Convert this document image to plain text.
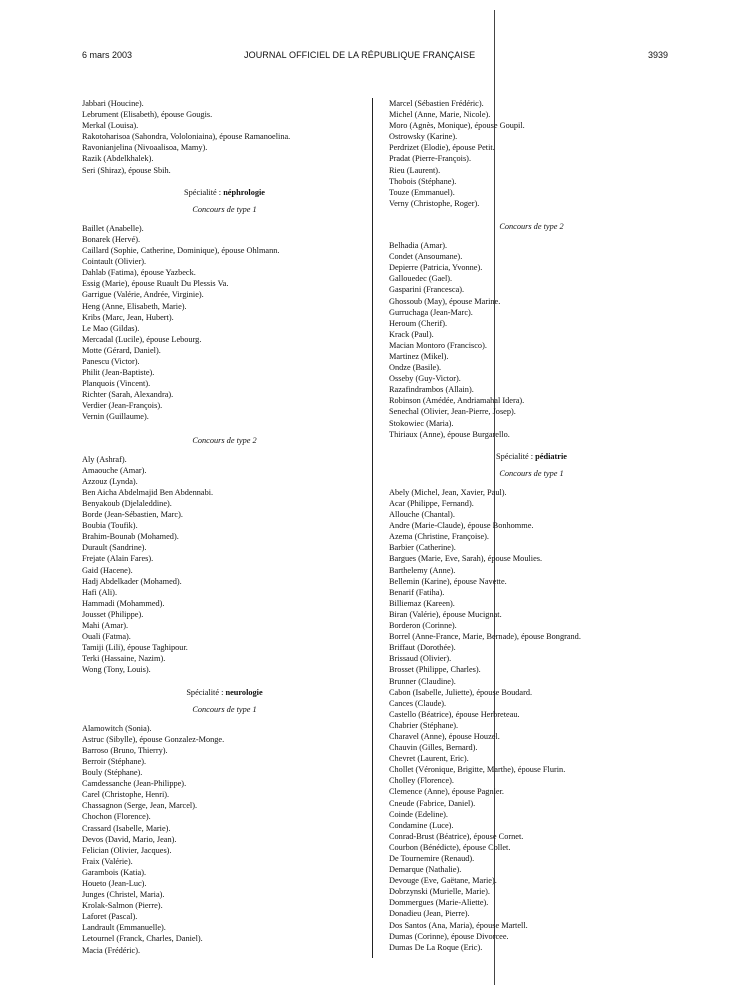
6 mars 2003	JOURNAL OFFICIEL DE LA RÉPUBLIQUE FRANÇAISE	3939
Jabbari (Houcine).
Lebrument (Elisabeth), épouse Gougis.
Merkal (Louisa).
Rakotoharisoa (Sahondra, Vololoniaina), épouse Ramanoelina.
Ravonianjelina (Nivoaalisoa, Mamy).
Razik (Abdelkhalek).
Seri (Shiraz), épouse Sbih.
Spécialité : néphrologie
Concours de type 1
Baillet (Anabelle).
Bonarek (Hervé).
Caillard (Sophie, Catherine, Dominique), épouse Ohlmann.
Cointault (Olivier).
Dahlab (Fatima), épouse Yazbeck.
Essig (Marie), épouse Ruault Du Plessis Va.
Garrigue (Valérie, Andrée, Virginie).
Heng (Anne, Elisabeth, Marie).
Kribs (Marc, Jean, Hubert).
Le Mao (Gildas).
Mercadal (Lucile), épouse Lebourg.
Motte (Gérard, Daniel).
Panescu (Victor).
Philit (Jean-Baptiste).
Planquois (Vincent).
Richter (Sarah, Alexandra).
Verdier (Jean-François).
Vernin (Guillaume).
Concours de type 2
Aly (Ashraf).
Amaouche (Amar).
Azzouz (Lynda).
Ben Aicha Abdelmajid Ben Abdennabi.
Benyakoub (Djelaleddine).
Borde (Jean-Sébastien, Marc).
Boubia (Toufik).
Brahim-Bounab (Mohamed).
Durault (Sandrine).
Frejate (Alain Fares).
Gaid (Hacene).
Hadj Abdelkader (Mohamed).
Hafi (Ali).
Hammadi (Mohammed).
Jousset (Philippe).
Mahi (Amar).
Ouali (Fatma).
Tamiji (Lili), épouse Taghipour.
Terki (Hassaine, Nazim).
Wong (Tony, Louis).
Spécialité : neurologie
Concours de type 1
Alamowitch (Sonia).
Astruc (Sibylle), épouse Gonzalez-Monge.
Barroso (Bruno, Thierry).
Berroir (Stéphane).
Bouly (Stéphane).
Camdessanche (Jean-Philippe).
Carel (Christophe, Henri).
Chassagnon (Serge, Jean, Marcel).
Chochon (Florence).
Crassard (Isabelle, Marie).
Devos (David, Mario, Jean).
Felician (Olivier, Jacques).
Fraix (Valérie).
Garambois (Katia).
Houeto (Jean-Luc).
Junges (Christel, Maria).
Krolak-Salmon (Pierre).
Laforet (Pascal).
Landrault (Emmanuelle).
Letournel (Franck, Charles, Daniel).
Macia (Frédéric).
Marcel (Sébastien Frédéric).
Michel (Anne, Marie, Nicole).
Moro (Agnès, Monique), épouse Goupil.
Ostrowsky (Karine).
Perdrizet (Elodie), épouse Petit.
Pradat (Pierre-François).
Rieu (Laurent).
Thobois (Stéphane).
Touze (Emmanuel).
Verny (Christophe, Roger).
Concours de type 2
Belhadia (Amar).
Condet (Ansoumane).
Depierre (Patricia, Yvonne).
Gallouedec (Gael).
Gasparini (Francesca).
Ghossoub (May), épouse Marine.
Gurruchaga (Jean-Marc).
Heroum (Cherif).
Krack (Paul).
Macian Montoro (Francisco).
Martinez (Mikel).
Ondze (Basile).
Osseby (Guy-Victor).
Razafindrambos (Allain).
Robinson (Amédée, Andriamahal Idera).
Senechal (Olivier, Jean-Pierre, Josep).
Stokowiec (Maria).
Thiriaux (Anne), épouse Burgarello.
Spécialité : pédiatrie
Concours de type 1
Abely (Michel, Jean, Xavier, Paul).
Acar (Philippe, Fernand).
Allouche (Chantal).
Andre (Marie-Claude), épouse Bonhomme.
Azema (Christine, Françoise).
Barbier (Catherine).
Bargues (Marie, Eve, Sarah), épouse Moulies.
Barthelemy (Anne).
Bellemin (Karine), épouse Navette.
Benarif (Fatiha).
Billiemaz (Kareen).
Biran (Valérie), épouse Mucignat.
Borderon (Corinne).
Borrel (Anne-France, Marie, Bernade), épouse Bongrand.
Briffaut (Dorothée).
Brissaud (Olivier).
Brosset (Philippe, Charles).
Brunner (Claudine).
Cabon (Isabelle, Juliette), épouse Boudard.
Cances (Claude).
Castello (Béatrice), épouse Herbreteau.
Chabrier (Stéphane).
Charavel (Anne), épouse Houzel.
Chauvin (Gilles, Bernard).
Chevret (Laurent, Eric).
Chollet (Véronique, Brigitte, Marthe), épouse Flurin.
Cholley (Florence).
Clemence (Anne), épouse Pagnier.
Cneude (Fabrice, Daniel).
Coinde (Edeline).
Condamine (Luce).
Conrad-Brust (Béatrice), épouse Cornet.
Courbon (Bénédicte), épouse Collet.
De Tournemire (Renaud).
Demarque (Nathalie).
Devouge (Eve, Gaëtane, Marie).
Dobrzynski (Murielle, Marie).
Dommergues (Marie-Aliette).
Donadieu (Jean, Pierre).
Dos Santos (Ana, Maria), épouse Martell.
Dumas (Corinne), épouse Divorcee.
Dumas De La Roque (Eric).
